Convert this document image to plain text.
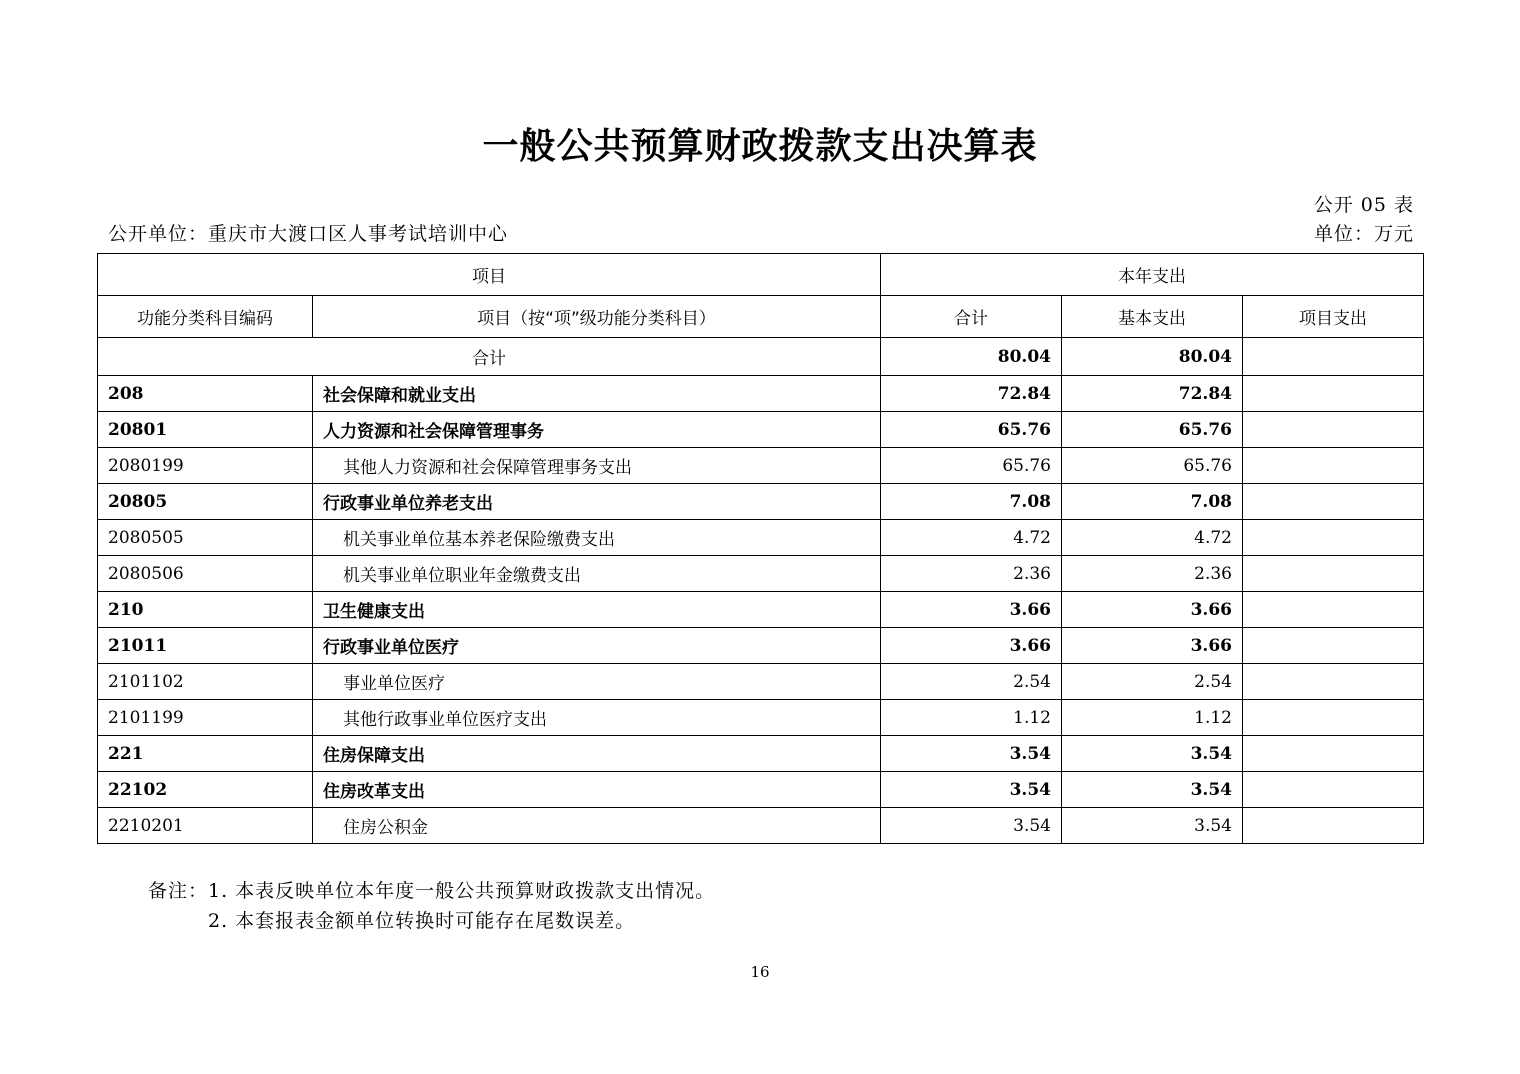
一般公共预算财政拨款支出决算表
公开 05 表
公开单位：重庆市大渡口区人事考试培训中心	单位：万元
项目		本年支出		
功能分类科目编码	项目（按“项”级功能分类科目）	合计	基本支出	项目支出
合计		80.04	80.04	
208	社会保障和就业支出	72.84	72.84	
20801	人力资源和社会保障管理事务	65.76	65.76	
2080199	其他人力资源和社会保障管理事务支出	65.76	65.76	
20805	行政事业单位养老支出	7.08	7.08	
2080505	机关事业单位基本养老保险缴费支出	4.72	4.72	
2080506	机关事业单位职业年金缴费支出	2.36	2.36	
210	卫生健康支出	3.66	3.66	
21011	行政事业单位医疗	3.66	3.66	
2101102	事业单位医疗	2.54	2.54	
2101199	其他行政事业单位医疗支出	1.12	1.12	
221	住房保障支出	3.54	3.54	
22102	住房改革支出	3.54	3.54	
2210201	住房公积金	3.54	3.54	
备注：1. 本表反映单位本年度一般公共预算财政拨款支出情况。
2. 本套报表金额单位转换时可能存在尾数误差。
16
